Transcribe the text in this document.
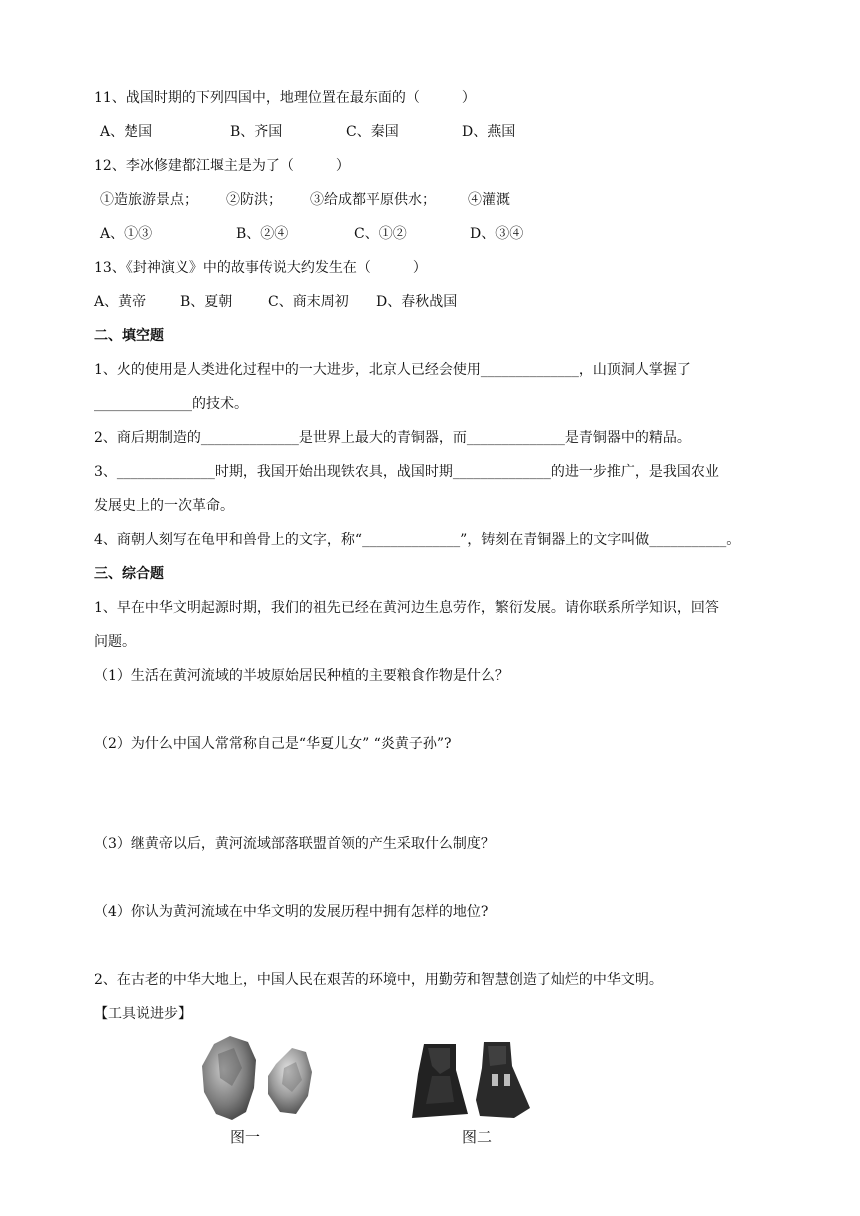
11、战国时期的下列四国中，地理位置在最东面的（　　　）
A、楚国	B、齐国	C、秦国	D、燕国
12、李冰修建都江堰主是为了（　　　）
①造旅游景点； ②防洪； ③给成都平原供水； ④灌溉
A、①③	B、②④	C、①②	D、③④
13、《封神演义》中的故事传说大约发生在（　　　）
A、黄帝 B、夏朝	C、商末周初 D、春秋战国
二、填空题
1、火的使用是人类进化过程中的一大进步，北京人已经会使用______________，山顶洞人掌握了
______________的技术。
2、商后期制造的______________是世界上最大的青铜器，而______________是青铜器中的精品。
3、______________时期，我国开始出现铁农具，战国时期______________的进一步推广，是我国农业
发展史上的一次革命。
4、商朝人刻写在龟甲和兽骨上的文字，称“______________”，铸刻在青铜器上的文字叫做___________。
三、综合题
1、早在中华文明起源时期，我们的祖先已经在黄河边生息劳作，繁衍发展。请你联系所学知识，回答
问题。
（1）生活在黄河流域的半坡原始居民种植的主要粮食作物是什么？
（2）为什么中国人常常称自己是“华夏儿女” “炎黄子孙”?
（3）继黄帝以后，黄河流域部落联盟首领的产生采取什么制度？
（4）你认为黄河流域在中华文明的发展历程中拥有怎样的地位?
2、在古老的中华大地上，中国人民在艰苦的环境中，用勤劳和智慧创造了灿烂的中华文明。
【工具说进步】
图一	图二
